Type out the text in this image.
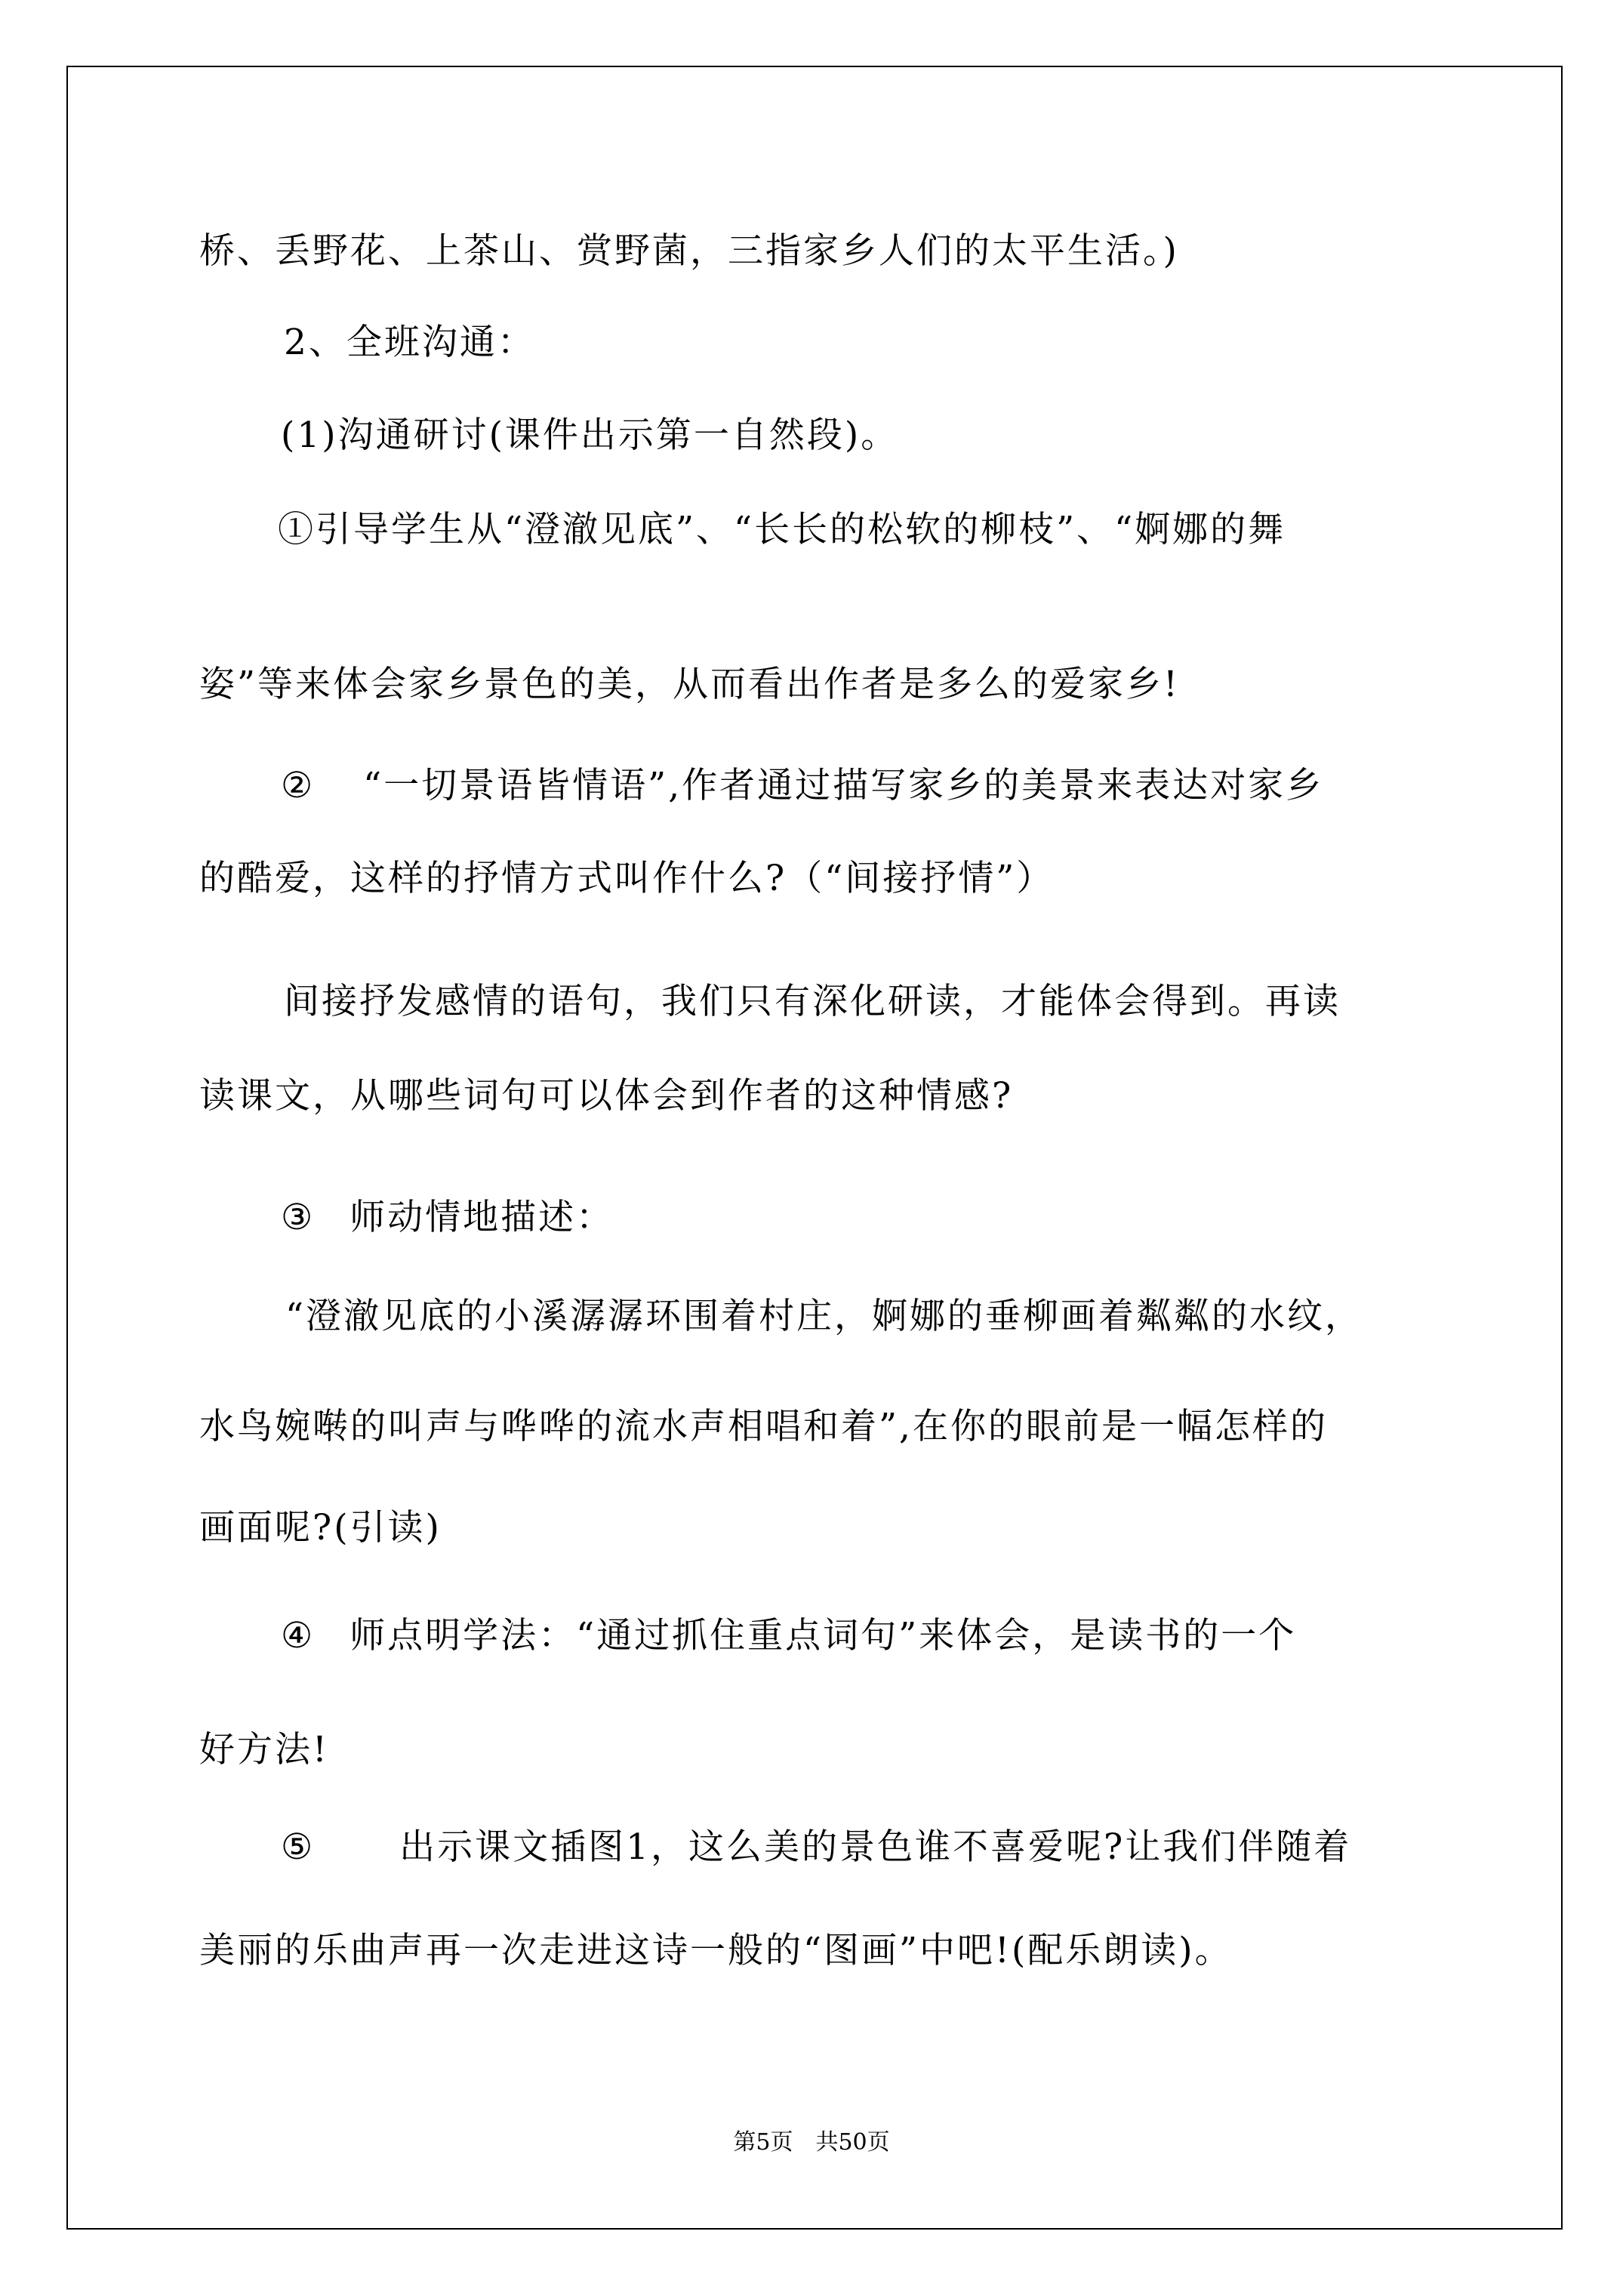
桥、丢野花、上茶山、赏野菌，三指家乡人们的太平生活。)
2、全班沟通：
(1)沟通研讨(课件出示第一自然段)。
①引导学生从“澄澈见底”、“长长的松软的柳枝”、“婀娜的舞
姿”等来体会家乡景色的美，从而看出作者是多么的爱家乡!
② “一切景语皆情语”,作者通过描写家乡的美景来表达对家乡
的酷爱，这样的抒情方式叫作什么?（“间接抒情”）
间接抒发感情的语句，我们只有深化研读，才能体会得到。再读
读课文，从哪些词句可以体会到作者的这种情感?
③ 师动情地描述：
“澄澈见底的小溪潺潺环围着村庄，婀娜的垂柳画着粼粼的水纹，
水鸟婉啭的叫声与哗哗的流水声相唱和着”,在你的眼前是一幅怎样的
画面呢?(引读)
④ 师点明学法：“通过抓住重点词句”来体会，是读书的一个
好方法!
⑤ 出示课文插图1，这么美的景色谁不喜爱呢?让我们伴随着
美丽的乐曲声再一次走进这诗一般的“图画”中吧!(配乐朗读)。
第5页 共50页
